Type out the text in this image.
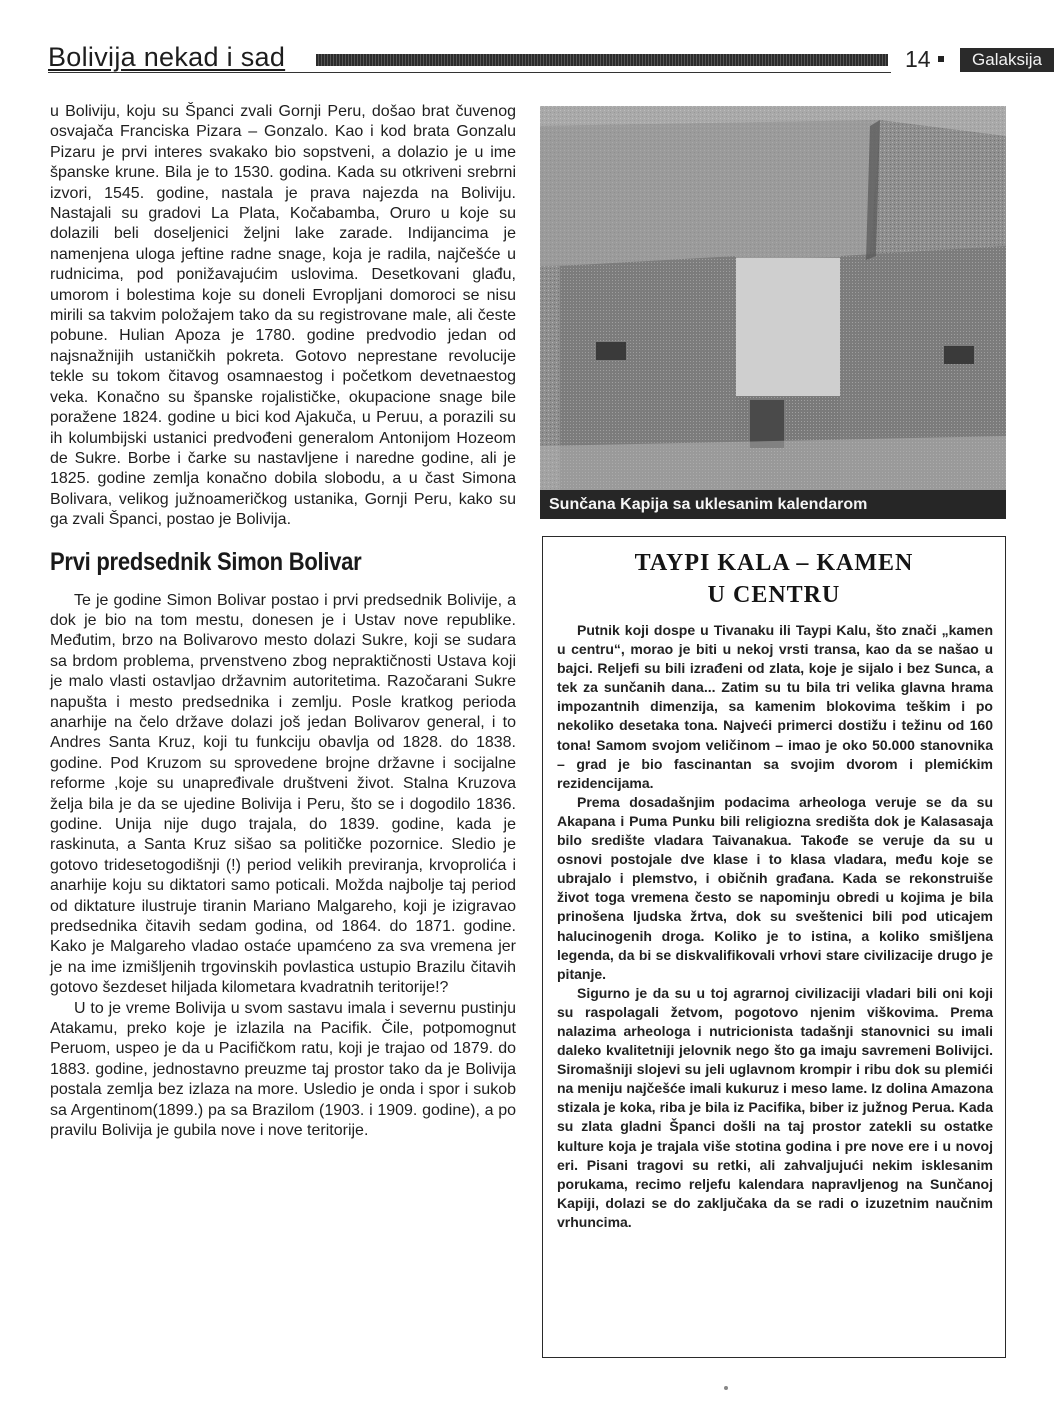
Bolivija nekad i sad	14	Galaksija

u Boliviju, koju su Španci zvali Gornji Peru, došao brat čuvenog osvajača Franciska Pizara – Gonzalo. Kao i kod brata Gonzalu Pizaru je prvi interes svakako bio sopstveni, a dolazio je u ime španske krune. Bila je to 1530. godina. Kada su otkriveni srebrni izvori, 1545. godine, nastala je prava najezda na Boliviju. Nastajali su gradovi La Plata, Kočabamba, Oruro u koje su dolazili beli doseljenici željni lake zarade. Indijancima je namenjena uloga jeftine radne snage, koja je radila, najčešće u rudnicima, pod ponižavajućim uslovima. Desetkovani glađu, umorom i bolestima koje su doneli Evropljani domoroci se nisu mirili sa takvim položajem tako da su registrovane male, ali česte pobune. Hulian Apoza je 1780. godine predvodio jedan od najsnažnijih ustaničkih pokreta. Gotovo neprestane revolucije tekle su tokom čitavog osamnaestog i početkom devetnaestog veka. Konačno su španske rojalističke, okupacione snage bile poražene 1824. godine u bici kod Ajakuča, u Peruu, a porazili su ih kolumbijski ustanici predvođeni generalom Antonijom Hozeom de Sukre. Borbe i čarke su nastavljene i naredne godine, ali je 1825. godine zemlja konačno dobila slobodu, a u čast Simona Bolivara, velikog južnoameričkog ustanika, Gornji Peru, kako su ga zvali Španci, postao je Bolivija.

Prvi predsednik Simon Bolivar

Te je godine Simon Bolivar postao i prvi predsednik Bolivije, a dok je bio na tom mestu, donesen je i Ustav nove republike. Međutim, brzo na Bolivarovo mesto dolazi Sukre, koji se sudara sa brdom problema, prvenstveno zbog nepraktičnosti Ustava koji je malo vlasti ostavljao državnim autoritetima. Razočarani Sukre napušta i mesto predsednika i zemlju. Posle kratkog perioda anarhije na čelo države dolazi još jedan Bolivarov general, i to Andres Santa Kruz, koji tu funkciju obavlja od 1828. do 1838. godine. Pod Kruzom su sprovedene brojne državne i socijalne reforme ,koje su unapređivale društveni život. Stalna Kruzova želja bila je da se ujedine Bolivija i Peru, što se i dogodilo 1836. godine. Unija nije dugo trajala, do 1839. godine, kada je raskinuta, a Santa Kruz sišao sa političke pozornice. Sledio je gotovo tridesetogodišnji (!) period velikih previranja, krvoprolića i anarhije koju su diktatori samo poticali. Možda najbolje taj period od diktature ilustruje tiranin Mariano Malgareho, koji je izigravao predsednika čitavih sedam godina, od 1864. do 1871. godine. Kako je Malgareho vladao ostaće upamćeno za sva vremena jer je na ime izmišljenih trgovinskih povlastica ustupio Brazilu čitavih gotovo šezdeset hiljada kilometara kvadratnih teritorije!?

U to je vreme Bolivija u svom sastavu imala i severnu pustinju Atakamu, preko koje je izlazila na Pacifik. Čile, potpomognut Peruom, uspeo je da u Pacifičkom ratu, koji je trajao od 1879. do 1883. godine, jednostavno preuzme taj prostor tako da je Bolivija postala zemlja bez izlaza na more. Usledio je onda i spor i sukob sa Argentinom(1899.) pa sa Brazilom (1903. i 1909. godine), a po pravilu Bolivija je gubila nove i nove teritorije.

Sunčana Kapija sa uklesanim kalendarom
TAYPI KALA – KAMEN
U CENTRU

Putnik koji dospe u Tivanaku ili Taypi Kalu, što znači „kamen u centru“, morao je biti u nekoj vrsti transa, kao da se našao u bajci. Reljefi su bili izrađeni od zlata, koje je sijalo i bez Sunca, a tek za sunčanih dana... Zatim su tu bila tri velika glavna hrama impozantnih dimenzija, sa kamenim blokovima teškim i po nekoliko desetaka tona. Najveći primerci dostižu i težinu od 160 tona! Samom svojom veličinom – imao je oko 50.000 stanovnika – grad je bio fascinantan sa svojim dvorom i plemićkim rezidencijama.

Prema dosadašnjim podacima arheologa veruje se da su Akapana i Puma Punku bili religiozna središta dok je Kalasasaja bilo središte vladara Taivanakua. Takođe se veruje da su u osnovi postojale dve klase i to klasa vladara, među koje se ubrajalo i plemstvo, i običnih građana. Kada se rekonstruiše život toga vremena često se napominju obredi u kojima je bila prinošena ljudska žrtva, dok su sveštenici bili pod uticajem halucinogenih droga. Koliko je to istina, a koliko smišljena legenda, da bi se diskvalifikovali vrhovi stare civilizacije drugo je pitanje.

Sigurno je da su u toj agrarnoj civilizaciji vladari bili oni koji su raspolagali žetvom, pogotovo njenim viškovima. Prema nalazima arheologa i nutricionista tadašnji stanovnici su imali daleko kvalitetniji jelovnik nego što ga imaju savremeni Bolivijci. Siromašniji slojevi su jeli uglavnom krompir i ribu dok su plemići na meniju najčešće imali kukuruz i meso lame. Iz dolina Amazona stizala je koka, riba je bila iz Pacifika, biber iz južnog Perua. Kada su zlata gladni Španci došli na taj prostor zatekli su ostatke kulture koja je trajala više stotina godina i pre nove ere i u novoj eri. Pisani tragovi su retki, ali zahvaljujući nekim isklesanim porukama, recimo reljefu kalendara napravljenog na Sunčanoj Kapiji, dolazi se do zaključaka da se radi o izuzetnim naučnim vrhuncima.
